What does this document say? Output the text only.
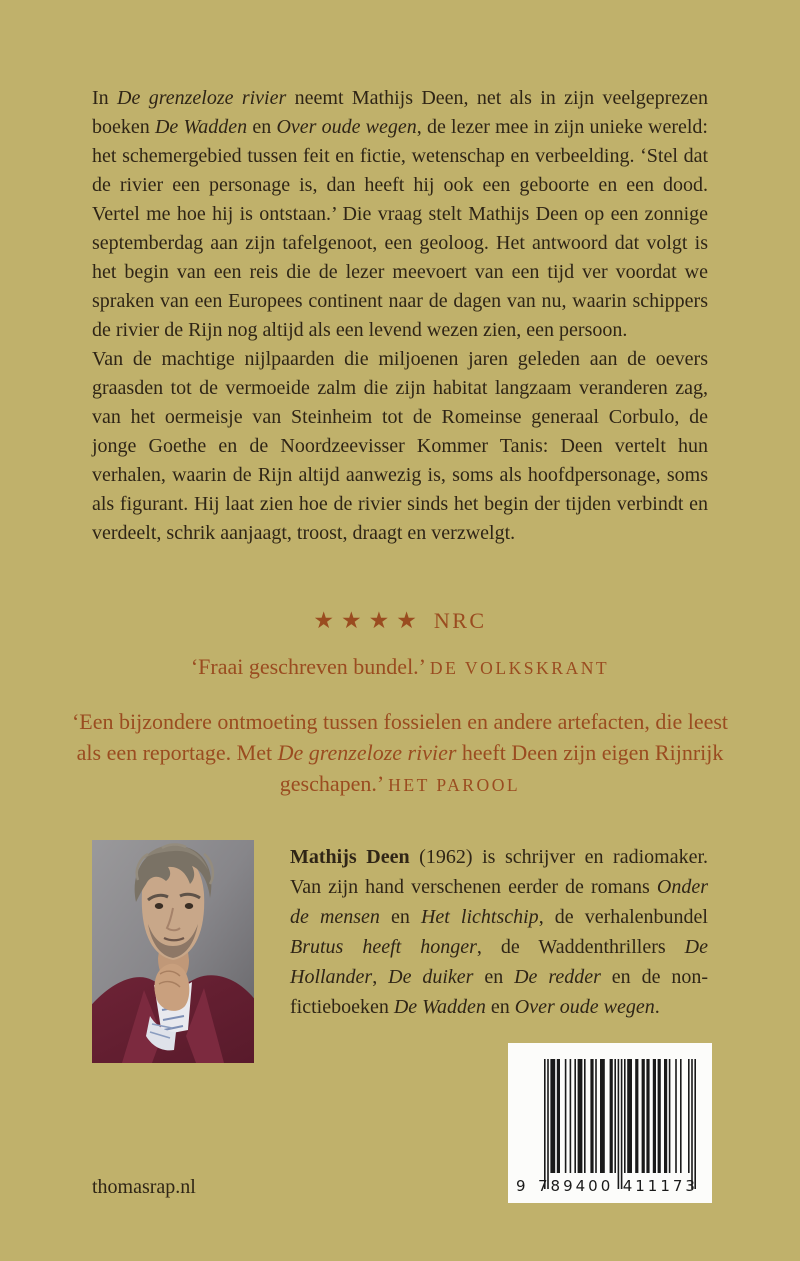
In De grenzeloze rivier neemt Mathijs Deen, net als in zijn veelgeprezen boeken De Wadden en Over oude wegen, de lezer mee in zijn unieke wereld: het schemergebied tussen feit en fictie, wetenschap en verbeelding. ‘Stel dat de rivier een personage is, dan heeft hij ook een geboorte en een dood. Vertel me hoe hij is ontstaan.’ Die vraag stelt Mathijs Deen op een zonnige septemberdag aan zijn tafelgenoot, een geoloog. Het antwoord dat volgt is het begin van een reis die de lezer meevoert van een tijd ver voordat we spraken van een Europees continent naar de dagen van nu, waarin schippers de rivier de Rijn nog altijd als een levend wezen zien, een persoon.

Van de machtige nijlpaarden die miljoenen jaren geleden aan de oevers graasden tot de vermoeide zalm die zijn habitat langzaam veranderen zag, van het oermeisje van Steinheim tot de Romeinse generaal Corbulo, de jonge Goethe en de Noordzeevisser Kommer Tanis: Deen vertelt hun verhalen, waarin de Rijn altijd aanwezig is, soms als hoofdpersonage, soms als figurant. Hij laat zien hoe de rivier sinds het begin der tijden verbindt en verdeelt, schrik aanjaagt, troost, draagt en verzwelgt.

★★★★ NRC
‘Fraai geschreven bundel.’ DE VOLKSKRANT
‘Een bijzondere ontmoeting tussen fossielen en andere artefacten, die leest als een reportage. Met De grenzeloze rivier heeft Deen zijn eigen Rijnrijk geschapen.’ HET PAROOL
Mathijs Deen (1962) is schrijver en radiomaker. Van zijn hand verschenen eerder de romans Onder de mensen en Het lichtschip, de verhalenbundel Brutus heeft honger, de Waddenthrillers De Hollander, De duiker en De redder en de non-fictieboeken De Wadden en Over oude wegen.
thomasrap.nl	9 789400 411173
